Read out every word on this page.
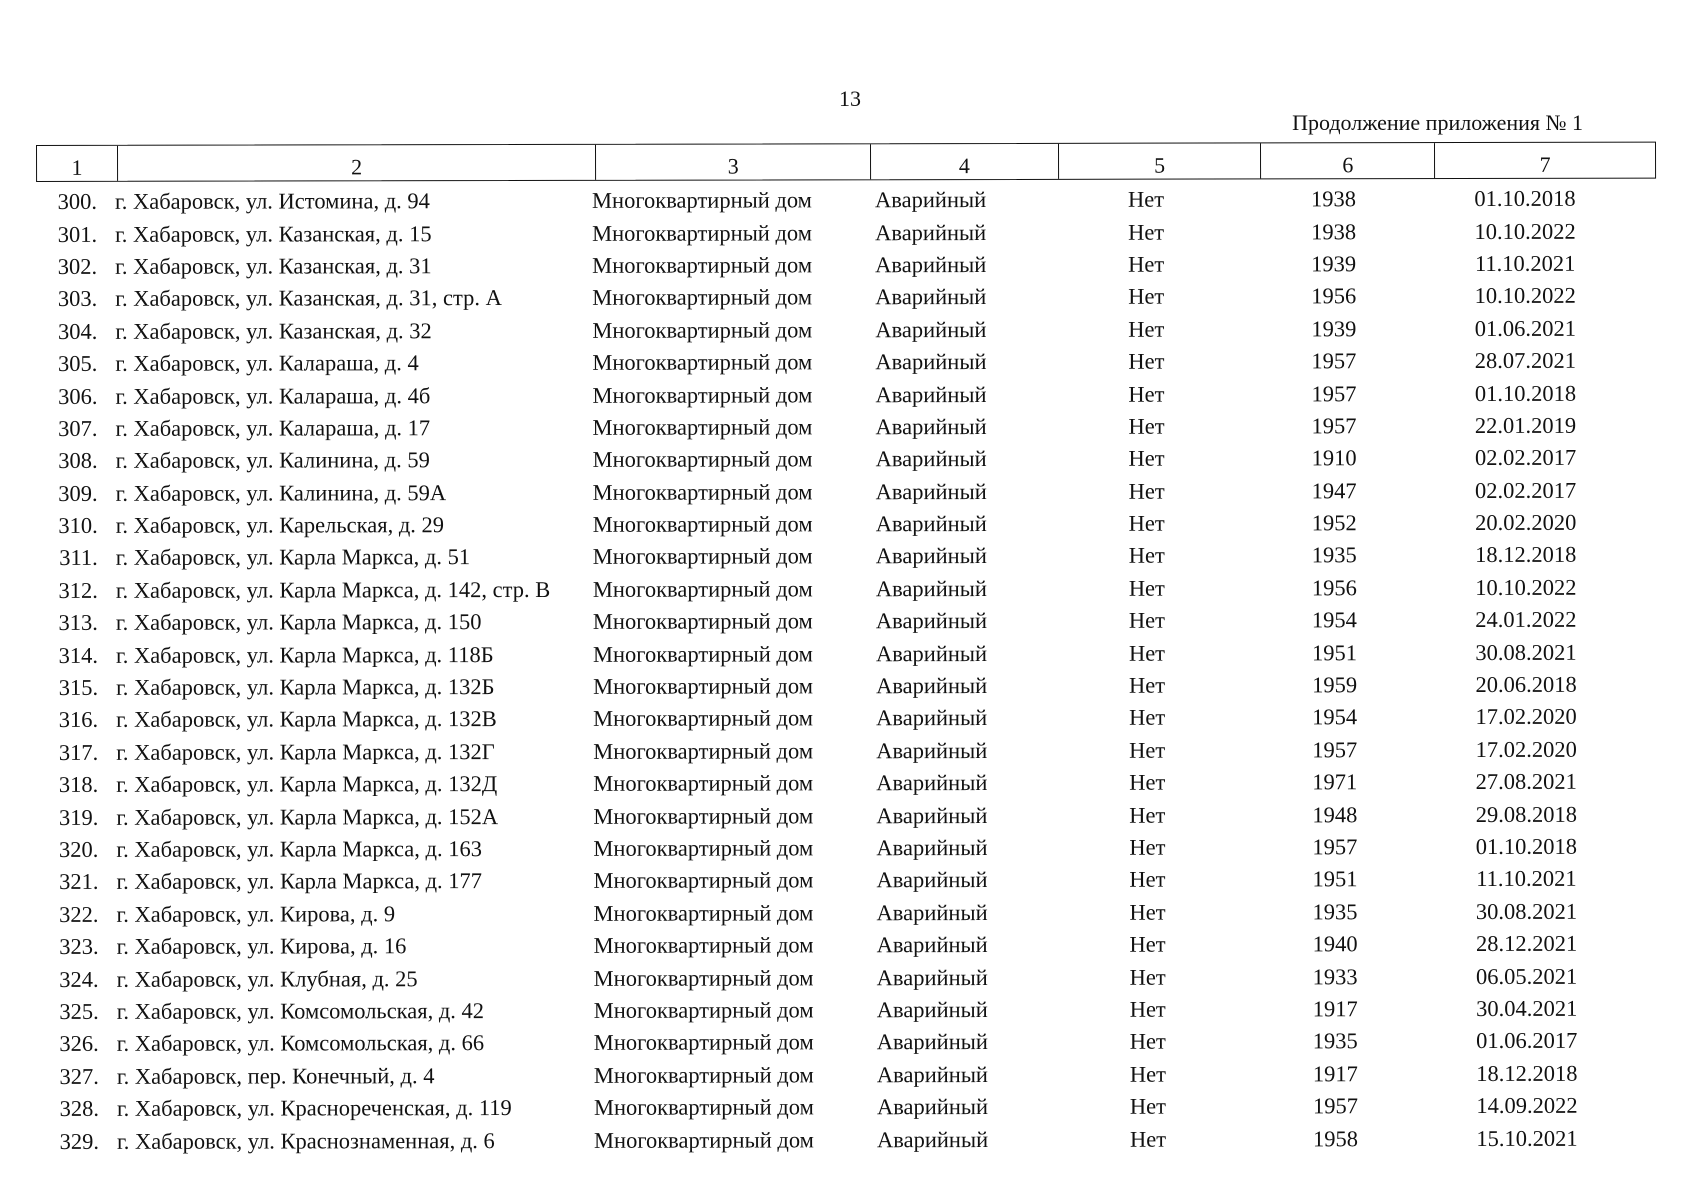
13
Продолжение приложения № 1
1	2	3	4	5	6	7
300. г. Хабаровск, ул. Истомина, д. 94	Многоквартирный дом	Аварийный	Нет	1938	01.10.2018
301. г. Хабаровск, ул. Казанская, д. 15	Многоквартирный дом	Аварийный	Нет	1938	10.10.2022
302. г. Хабаровск, ул. Казанская, д. 31	Многоквартирный дом	Аварийный	Нет	1939	11.10.2021
303. г. Хабаровск, ул. Казанская, д. 31, стр. А	Многоквартирный дом	Аварийный	Нет	1956	10.10.2022
304. г. Хабаровск, ул. Казанская, д. 32	Многоквартирный дом	Аварийный	Нет	1939	01.06.2021
305. г. Хабаровск, ул. Калараша, д. 4	Многоквартирный дом	Аварийный	Нет	1957	28.07.2021
306. г. Хабаровск, ул. Калараша, д. 4б	Многоквартирный дом	Аварийный	Нет	1957	01.10.2018
307. г. Хабаровск, ул. Калараша, д. 17	Многоквартирный дом	Аварийный	Нет	1957	22.01.2019
308. г. Хабаровск, ул. Калинина, д. 59	Многоквартирный дом	Аварийный	Нет	1910	02.02.2017
309. г. Хабаровск, ул. Калинина, д. 59А	Многоквартирный дом	Аварийный	Нет	1947	02.02.2017
310. г. Хабаровск, ул. Карельская, д. 29	Многоквартирный дом	Аварийный	Нет	1952	20.02.2020
311. г. Хабаровск, ул. Карла Маркса, д. 51	Многоквартирный дом	Аварийный	Нет	1935	18.12.2018
312. г. Хабаровск, ул. Карла Маркса, д. 142, стр. В	Многоквартирный дом	Аварийный	Нет	1956	10.10.2022
313. г. Хабаровск, ул. Карла Маркса, д. 150	Многоквартирный дом	Аварийный	Нет	1954	24.01.2022
314. г. Хабаровск, ул. Карла Маркса, д. 118Б	Многоквартирный дом	Аварийный	Нет	1951	30.08.2021
315. г. Хабаровск, ул. Карла Маркса, д. 132Б	Многоквартирный дом	Аварийный	Нет	1959	20.06.2018
316. г. Хабаровск, ул. Карла Маркса, д. 132В	Многоквартирный дом	Аварийный	Нет	1954	17.02.2020
317. г. Хабаровск, ул. Карла Маркса, д. 132Г	Многоквартирный дом	Аварийный	Нет	1957	17.02.2020
318. г. Хабаровск, ул. Карла Маркса, д. 132Д	Многоквартирный дом	Аварийный	Нет	1971	27.08.2021
319. г. Хабаровск, ул. Карла Маркса, д. 152А	Многоквартирный дом	Аварийный	Нет	1948	29.08.2018
320. г. Хабаровск, ул. Карла Маркса, д. 163	Многоквартирный дом	Аварийный	Нет	1957	01.10.2018
321. г. Хабаровск, ул. Карла Маркса, д. 177	Многоквартирный дом	Аварийный	Нет	1951	11.10.2021
322. г. Хабаровск, ул. Кирова, д. 9	Многоквартирный дом	Аварийный	Нет	1935	30.08.2021
323. г. Хабаровск, ул. Кирова, д. 16	Многоквартирный дом	Аварийный	Нет	1940	28.12.2021
324. г. Хабаровск, ул. Клубная, д. 25	Многоквартирный дом	Аварийный	Нет	1933	06.05.2021
325. г. Хабаровск, ул. Комсомольская, д. 42	Многоквартирный дом	Аварийный	Нет	1917	30.04.2021
326. г. Хабаровск, ул. Комсомольская, д. 66	Многоквартирный дом	Аварийный	Нет	1935	01.06.2017
327. г. Хабаровск, пер. Конечный, д. 4	Многоквартирный дом	Аварийный	Нет	1917	18.12.2018
328. г. Хабаровск, ул. Краснореченская, д. 119	Многоквартирный дом	Аварийный	Нет	1957	14.09.2022
329. г. Хабаровск, ул. Краснознаменная, д. 6	Многоквартирный дом	Аварийный	Нет	1958	15.10.2021
